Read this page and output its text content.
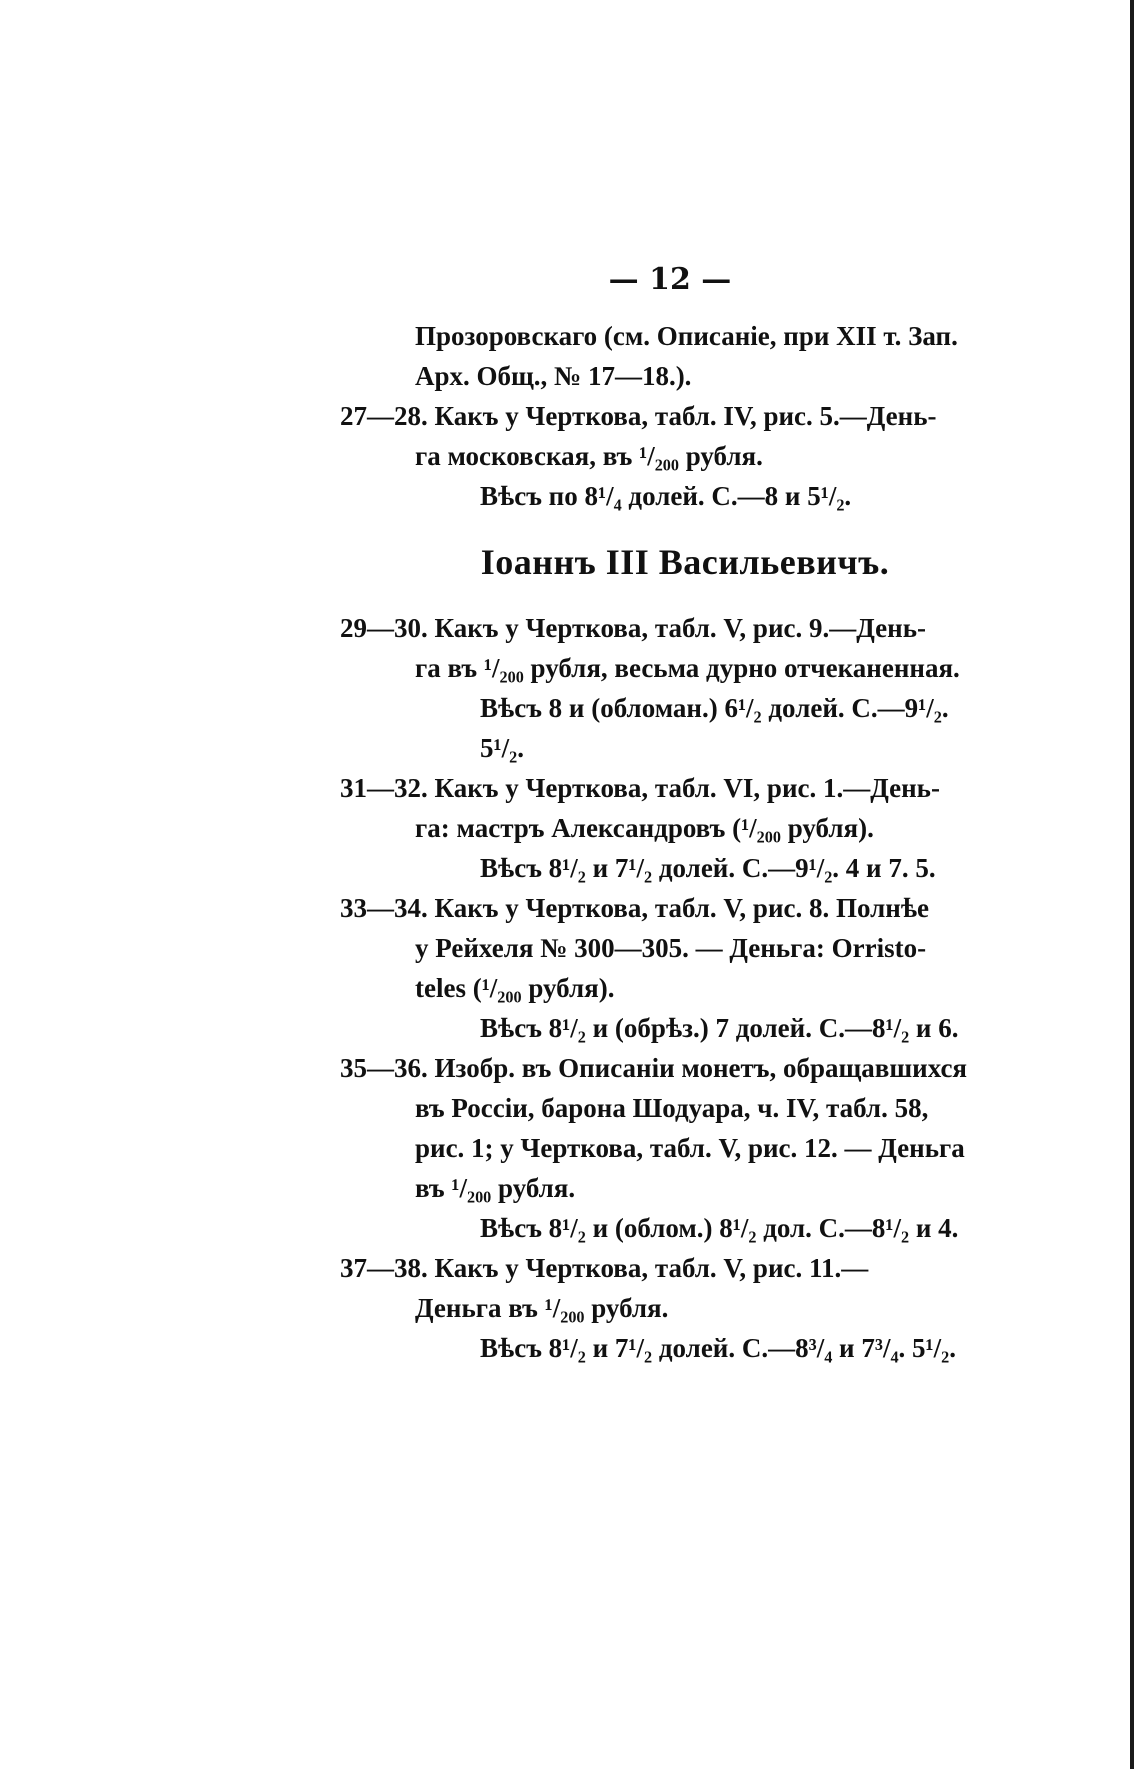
— 12 —
Прозоровскаго (см. Описаніе, при XII т. Зап.
Арх. Общ., № 17—18.).
27—28. Какъ у Черткова, табл. IV, рис. 5.—День-
га московская, въ ¹/₂₀₀ рубля.
Вѣсъ по 8¹/₄ долей. С.—8 и 5¹/₂.
Іоаннъ III Васильевичъ.
29—30. Какъ у Черткова, табл. V, рис. 9.—День-
га въ ¹/₂₀₀ рубля, весьма дурно отчеканенная.
Вѣсъ 8 и (обломан.) 6¹/₂ долей. С.—9¹/₂.
5¹/₂.
31—32. Какъ у Черткова, табл. VI, рис. 1.—День-
га: мастръ Александровъ (¹/₂₀₀ рубля).
Вѣсъ 8¹/₂ и 7¹/₂ долей. С.—9¹/₂. 4 и 7. 5.
33—34. Какъ у Черткова, табл. V, рис. 8. Полнѣе
у Рейхеля № 300—305. — Деньга: Orristo-
teles (¹/₂₀₀ рубля).
Вѣсъ 8¹/₂ и (обрѣз.) 7 долей. С.—8¹/₂ и 6.
35—36. Изобр. въ Описаніи монетъ, обращавшихся
въ Россіи, барона Шодуара, ч. IV, табл. 58,
рис. 1; у Черткова, табл. V, рис. 12. — Деньга
въ ¹/₂₀₀ рубля.
Вѣсъ 8¹/₂ и (облом.) 8¹/₂ дол. С.—8¹/₂ и 4.
37—38. Какъ у Черткова, табл. V, рис. 11.—
Деньга въ ¹/₂₀₀ рубля.
Вѣсъ 8¹/₂ и 7¹/₂ долей. С.—8³/₄ и 7³/₄. 5¹/₂.
